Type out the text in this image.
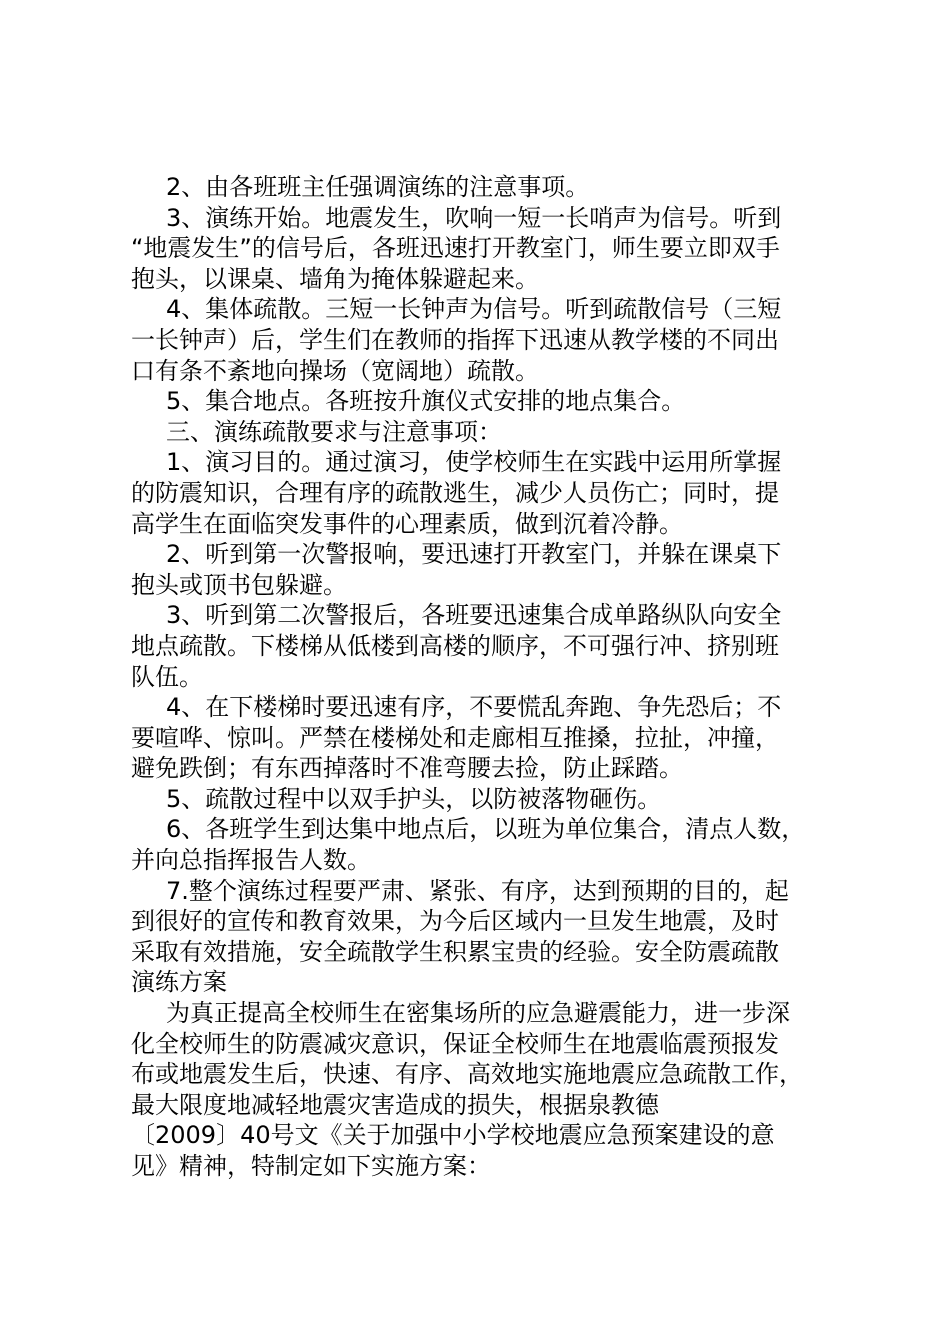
2、由各班班主任强调演练的注意事项。

3、演练开始。地震发生，吹响一短一长哨声为信号。听到

“地震发生”的信号后，各班迅速打开教室门，师生要立即双手

抱头，以课桌、墙角为掩体躲避起来。

4、集体疏散。三短一长钟声为信号。听到疏散信号（三短

一长钟声）后，学生们在教师的指挥下迅速从教学楼的不同出

口有条不紊地向操场（宽阔地）疏散。

5、集合地点。各班按升旗仪式安排的地点集合。

三、演练疏散要求与注意事项：

1、演习目的。通过演习，使学校师生在实践中运用所掌握

的防震知识，合理有序的疏散逃生，减少人员伤亡；同时，提

高学生在面临突发事件的心理素质，做到沉着冷静。

2、听到第一次警报响，要迅速打开教室门，并躲在课桌下

抱头或顶书包躲避。

3、听到第二次警报后，各班要迅速集合成单路纵队向安全

地点疏散。下楼梯从低楼到高楼的顺序，不可强行冲、挤别班

队伍。

4、在下楼梯时要迅速有序，不要慌乱奔跑、争先恐后；不

要喧哗、惊叫。严禁在楼梯处和走廊相互推搡，拉扯，冲撞，

避免跌倒；有东西掉落时不准弯腰去捡，防止踩踏。

5、疏散过程中以双手护头，以防被落物砸伤。

6、各班学生到达集中地点后，以班为单位集合，清点人数，

并向总指挥报告人数。

7.整个演练过程要严肃、紧张、有序，达到预期的目的，起

到很好的宣传和教育效果，为今后区域内一旦发生地震，及时

采取有效措施，安全疏散学生积累宝贵的经验。安全防震疏散

演练方案

为真正提高全校师生在密集场所的应急避震能力，进一步深

化全校师生的防震减灾意识，保证全校师生在地震临震预报发

布或地震发生后，快速、有序、高效地实施地震应急疏散工作，

最大限度地减轻地震灾害造成的损失，根据泉教德

〔2009〕40号文《关于加强中小学校地震应急预案建设的意

见》精神，特制定如下实施方案：
